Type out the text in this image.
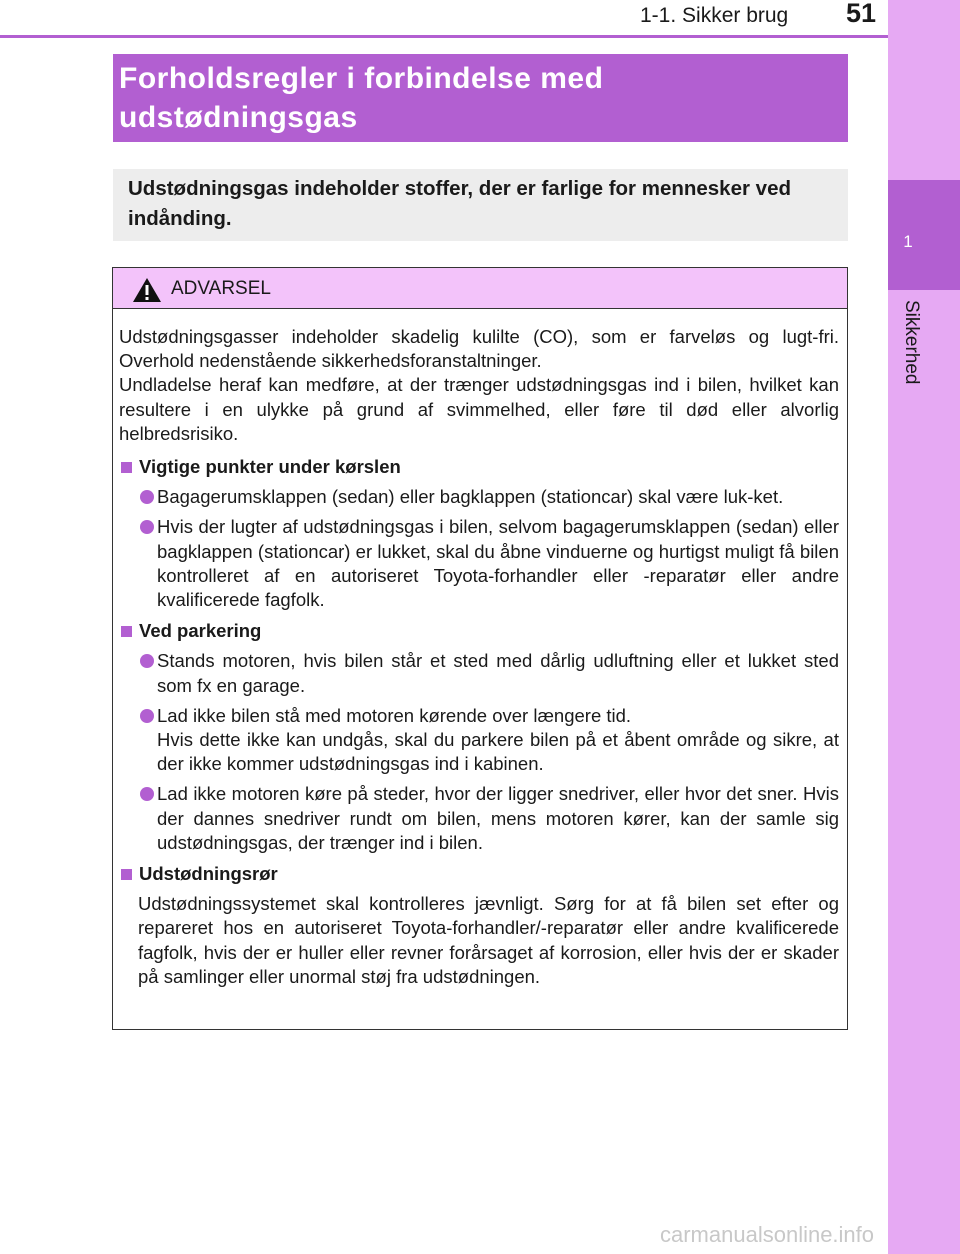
1-1. Sikker brug 51
1
Sikkerhed
Forholdsregler i forbindelse med
udstødningsgas
Udstødningsgas indeholder stoffer, der er farlige for mennesker ved indånding.
ADVARSEL

Udstødningsgasser indeholder skadelig kulilte (CO), som er farveløs og lugt-fri. Overhold nedenstående sikkerhedsforanstaltninger.

Undladelse heraf kan medføre, at der trænger udstødningsgas ind i bilen, hvilket kan resultere i en ulykke på grund af svimmelhed, eller føre til død eller alvorlig helbredsrisiko.

Vigtige punkter under kørslen
Bagagerumsklappen (sedan) eller bagklappen (stationcar) skal være luk-ket.
Hvis der lugter af udstødningsgas i bilen, selvom bagagerumsklappen (sedan) eller bagklappen (stationcar) er lukket, skal du åbne vinduerne og hurtigst muligt få bilen kontrolleret af en autoriseret Toyota-forhandler eller -reparatør eller andre kvalificerede fagfolk.
Ved parkering
Stands motoren, hvis bilen står et sted med dårlig udluftning eller et lukket sted som fx en garage.
Lad ikke bilen stå med motoren kørende over længere tid.
Hvis dette ikke kan undgås, skal du parkere bilen på et åbent område og sikre, at der ikke kommer udstødningsgas ind i kabinen.
Lad ikke motoren køre på steder, hvor der ligger snedriver, eller hvor det sner. Hvis der dannes snedriver rundt om bilen, mens motoren kører, kan der samle sig udstødningsgas, der trænger ind i bilen.
Udstødningsrør
Udstødningssystemet skal kontrolleres jævnligt. Sørg for at få bilen set efter og repareret hos en autoriseret Toyota-forhandler/-reparatør eller andre kvalificerede fagfolk, hvis der er huller eller revner forårsaget af korrosion, eller hvis der er skader på samlinger eller unormal støj fra udstødningen.
carmanualsonline.info
